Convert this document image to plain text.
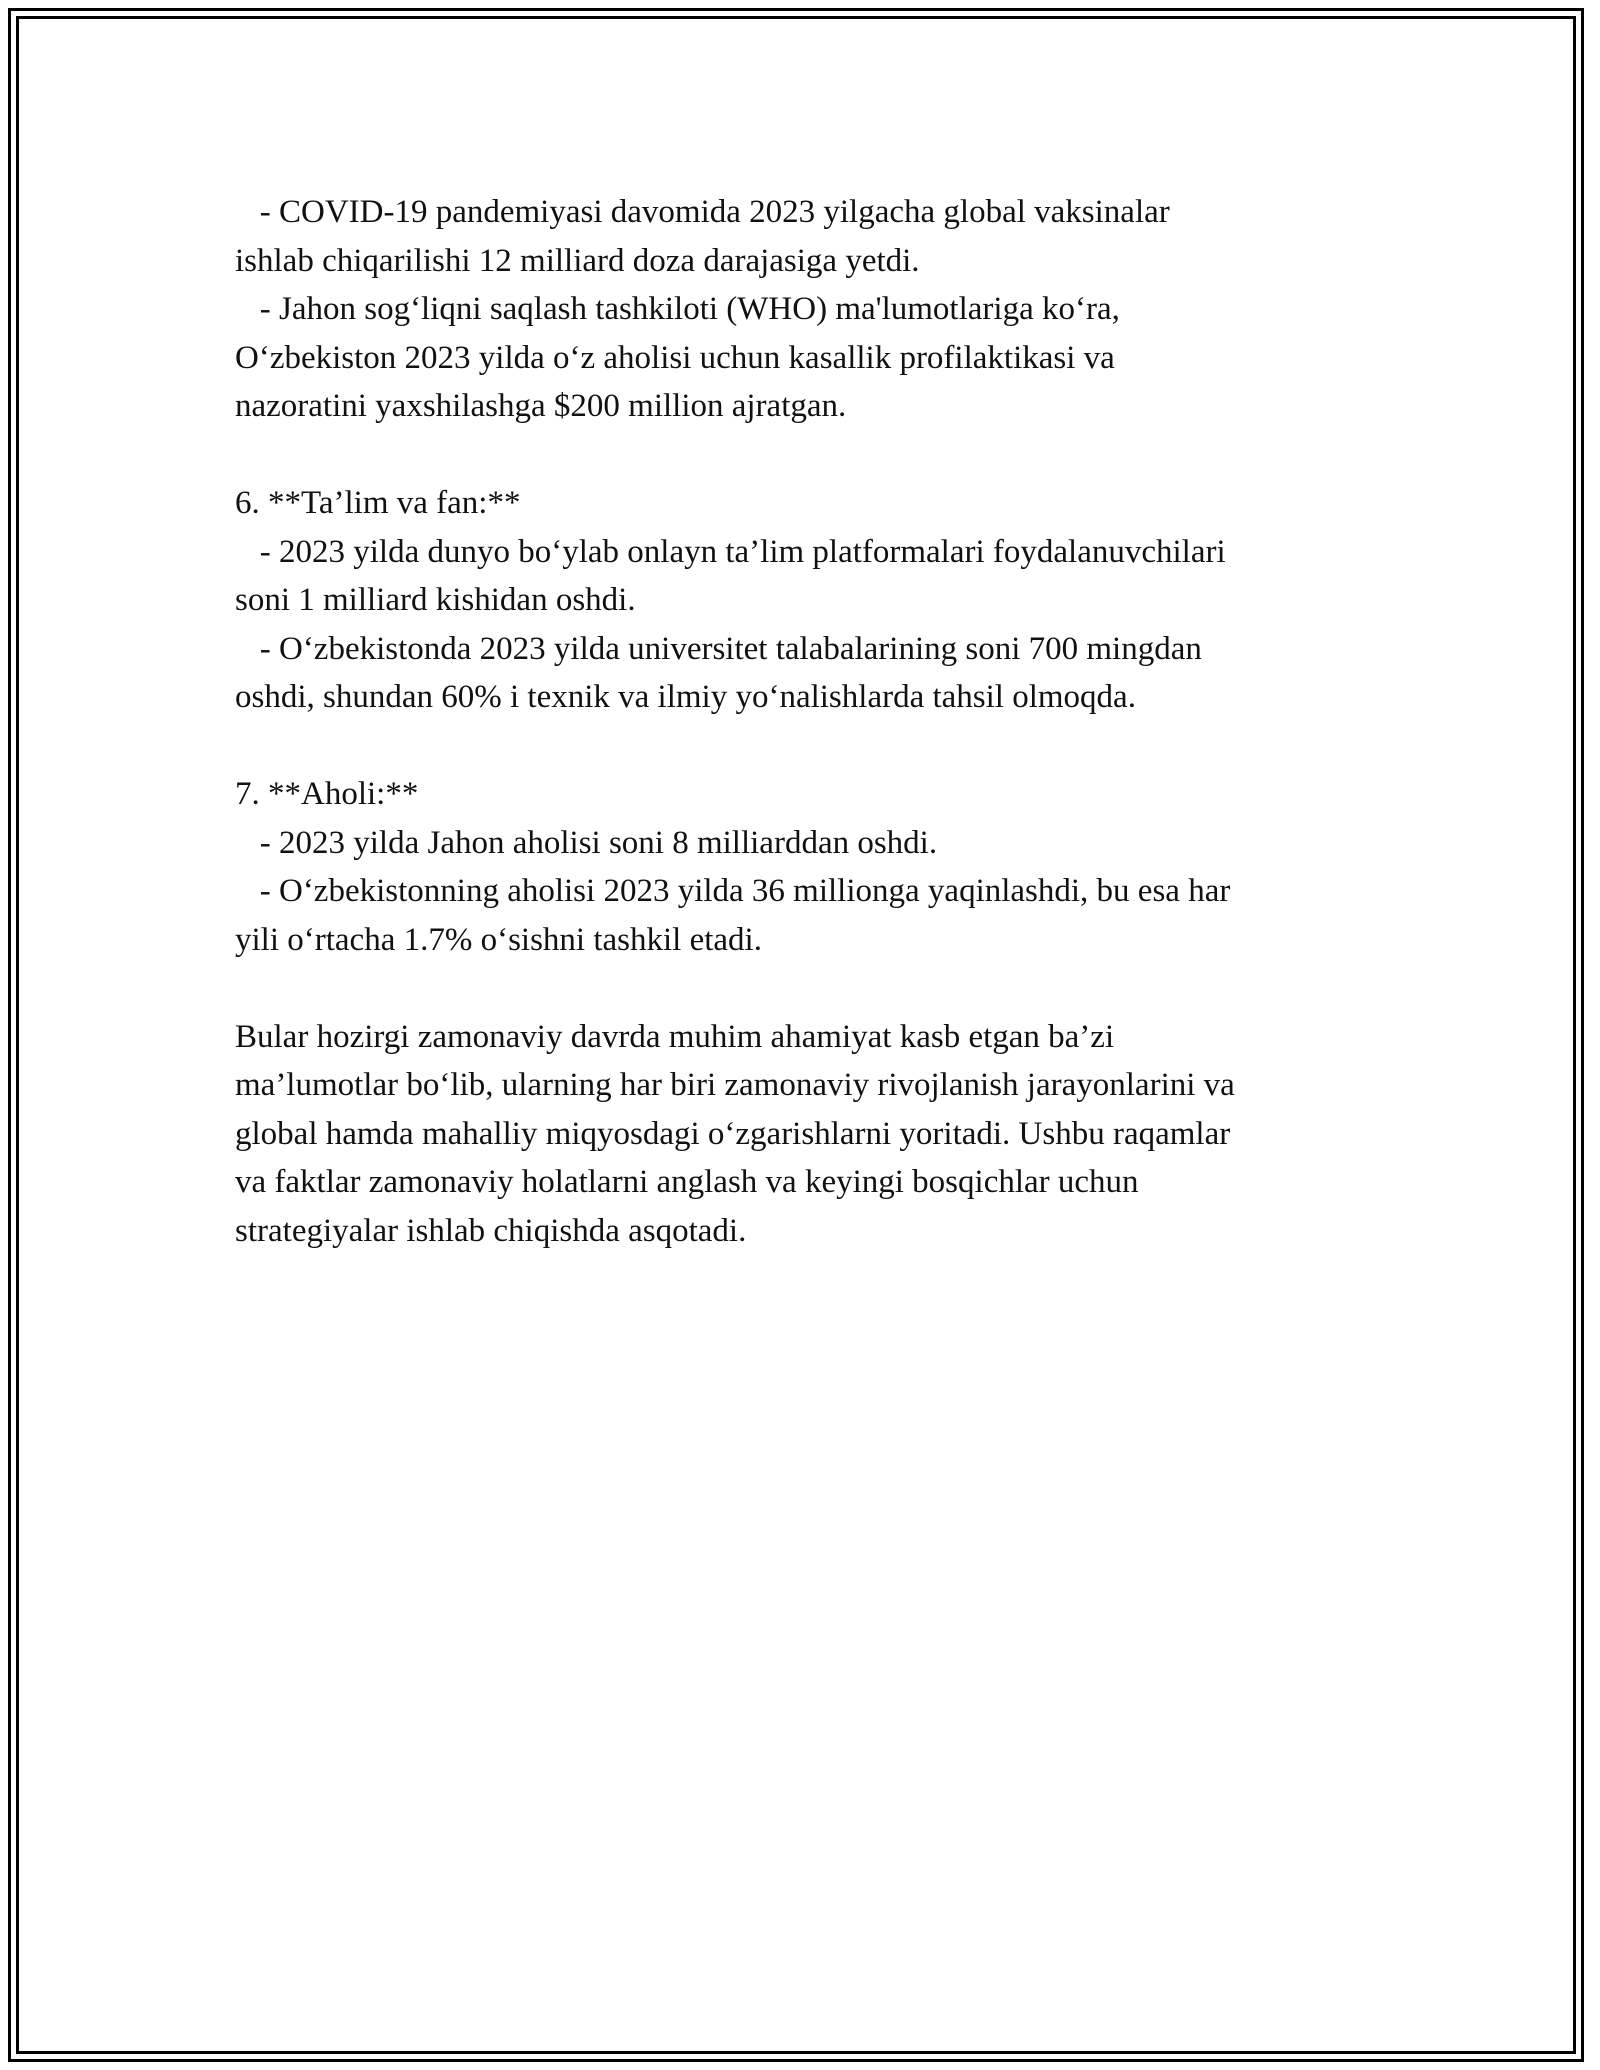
- COVID-19 pandemiyasi davomida 2023 yilgacha global vaksinalar

ishlab chiqarilishi 12 milliard doza darajasiga yetdi.

- Jahon sog‘liqni saqlash tashkiloti (WHO) ma'lumotlariga ko‘ra,

O‘zbekiston 2023 yilda o‘z aholisi uchun kasallik profilaktikasi va

nazoratini yaxshilashga $200 million ajratgan.

6. **Ta’lim va fan:**

- 2023 yilda dunyo bo‘ylab onlayn ta’lim platformalari foydalanuvchilari

soni 1 milliard kishidan oshdi.

- O‘zbekistonda 2023 yilda universitet talabalarining soni 700 mingdan

oshdi, shundan 60% i texnik va ilmiy yo‘nalishlarda tahsil olmoqda.

7. **Aholi:**

- 2023 yilda Jahon aholisi soni 8 milliarddan oshdi.

- O‘zbekistonning aholisi 2023 yilda 36 millionga yaqinlashdi, bu esa har

yili o‘rtacha 1.7% o‘sishni tashkil etadi.

Bular hozirgi zamonaviy davrda muhim ahamiyat kasb etgan ba’zi

ma’lumotlar bo‘lib, ularning har biri zamonaviy rivojlanish jarayonlarini va

global hamda mahalliy miqyosdagi o‘zgarishlarni yoritadi. Ushbu raqamlar

va faktlar zamonaviy holatlarni anglash va keyingi bosqichlar uchun

strategiyalar ishlab chiqishda asqotadi.
